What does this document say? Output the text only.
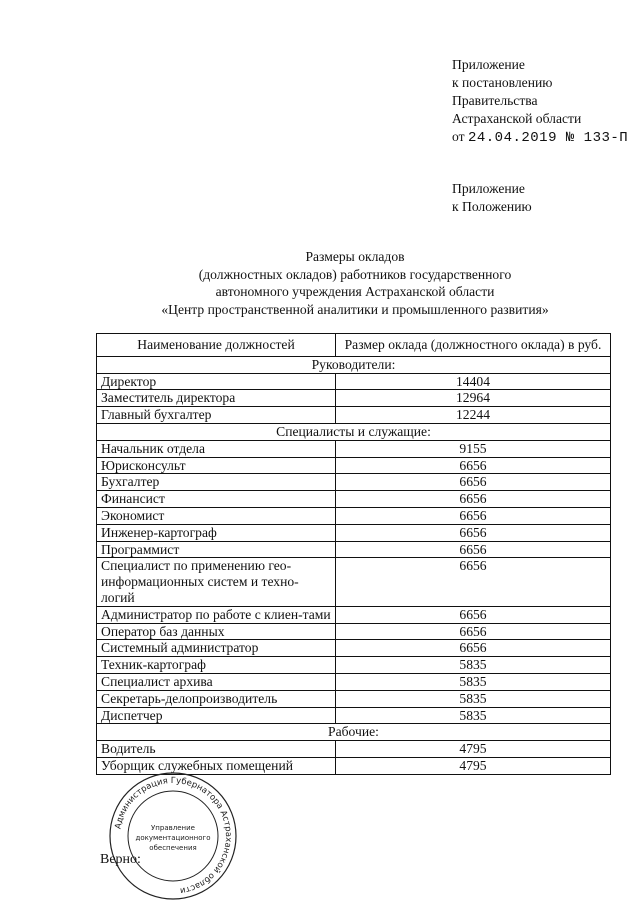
Приложение
к постановлению
Правительства
Астраханской области
от 24.04.2019 № 133-П
Приложение
к Положению
Размеры окладов
(должностных окладов) работников государственного
автономного учреждения Астраханской области
«Центр пространственной аналитики и промышленного развития»
Наименование должностей	Размер оклада (должностного оклада) в руб.
Руководители:	
Директор	14404
Заместитель директора	12964
Главный бухгалтер	12244
Специалисты и служащие:	
Начальник отдела	9155
Юрисконсульт	6656
Бухгалтер	6656
Финансист	6656
Экономист	6656
Инженер-картограф	6656
Программист	6656
Специалист по применению гео-информационных систем и техно-логий	6656
Администратор по работе с клиен-тами	6656
Оператор баз данных	6656
Системный администратор	6656
Техник-картограф	5835
Специалист архива	5835
Секретарь-делопроизводитель	5835
Диспетчер	5835
Рабочие:	
Водитель	4795
Уборщик служебных помещений	4795
Администрация Губернатора Астраханской области
Управление
документационного
обеспечения
Верно:
